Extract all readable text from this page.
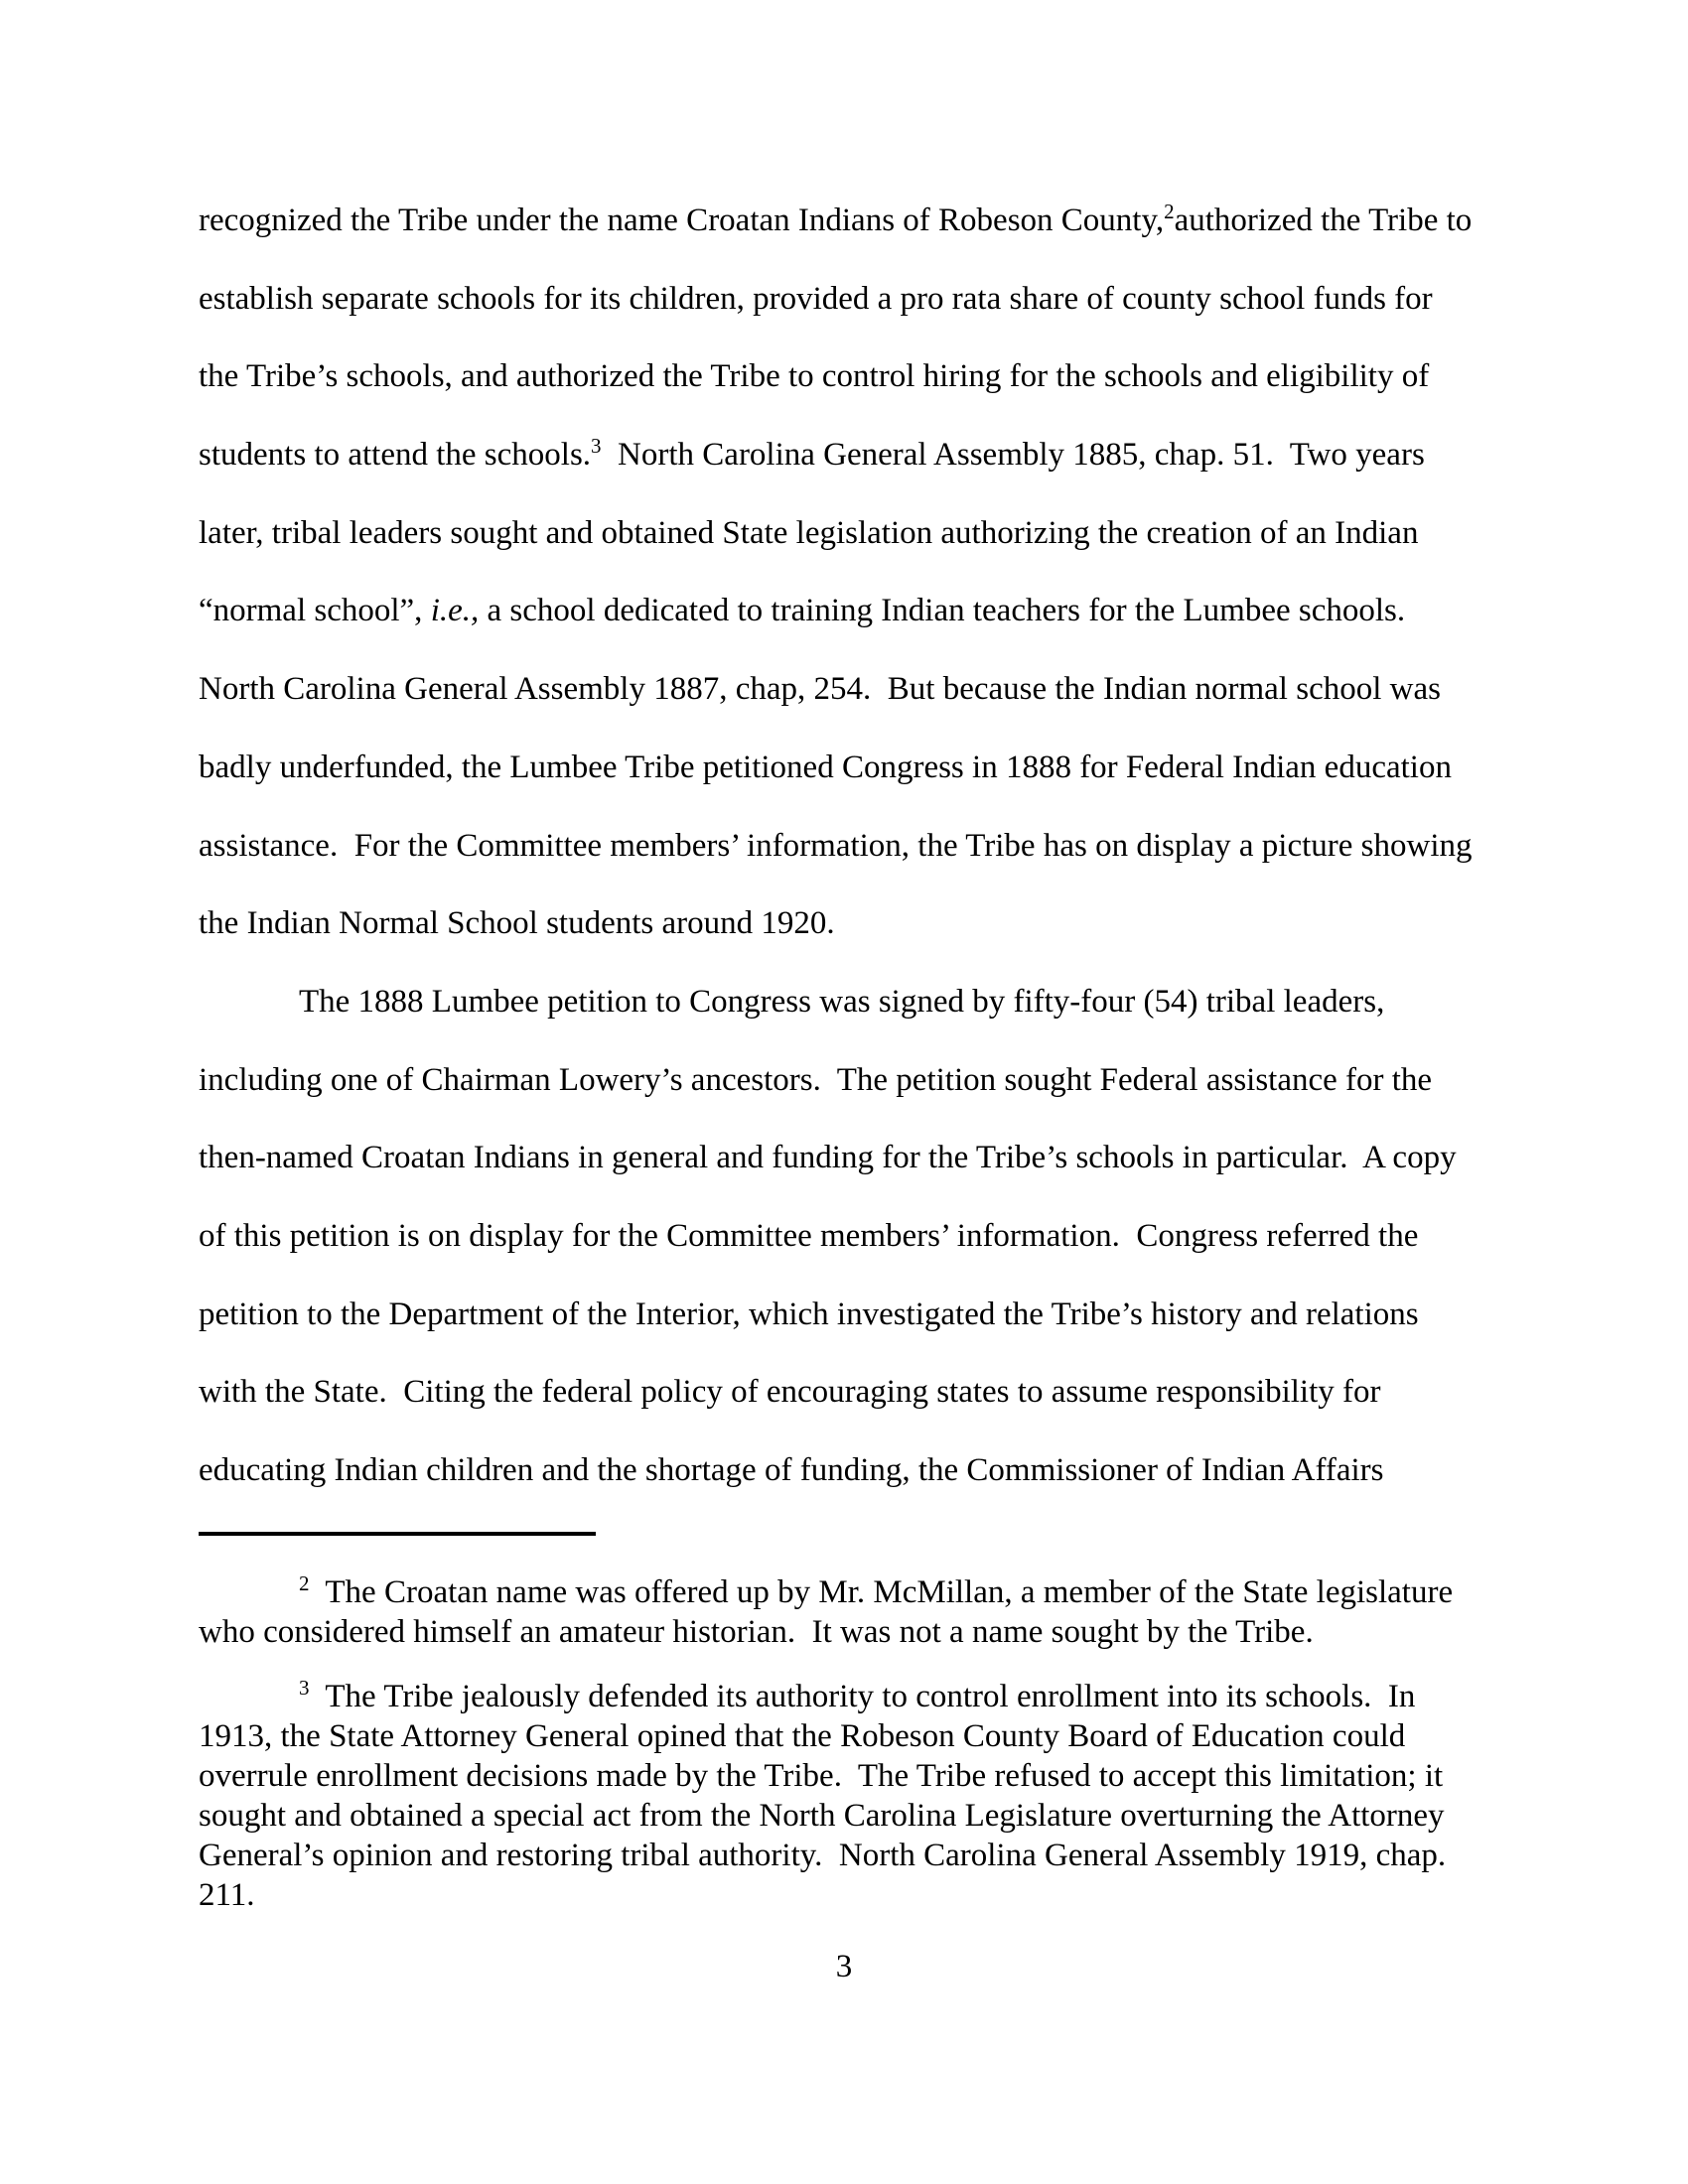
recognized the Tribe under the name Croatan Indians of Robeson County,$^2$authorized the Tribe to
establish separate schools for its children, provided a pro rata share of county school funds for
the Tribe’s schools, and authorized the Tribe to control hiring for the schools and eligibility of
students to attend the schools.$^3$  North Carolina General Assembly 1885, chap. 51.  Two years
later, tribal leaders sought and obtained State legislation authorizing the creation of an Indian
“normal school”, i.e., a school dedicated to training Indian teachers for the Lumbee schools.
North Carolina General Assembly 1887, chap, 254.  But because the Indian normal school was
badly underfunded, the Lumbee Tribe petitioned Congress in 1888 for Federal Indian education
assistance.  For the Committee members’ information, the Tribe has on display a picture showing
the Indian Normal School students around 1920.
The 1888 Lumbee petition to Congress was signed by fifty-four (54) tribal leaders,
including one of Chairman Lowery’s ancestors.  The petition sought Federal assistance for the
then-named Croatan Indians in general and funding for the Tribe’s schools in particular.  A copy
of this petition is on display for the Committee members’ information.  Congress referred the
petition to the Department of the Interior, which investigated the Tribe’s history and relations
with the State.  Citing the federal policy of encouraging states to assume responsibility for
educating Indian children and the shortage of funding, the Commissioner of Indian Affairs
$^2$  The Croatan name was offered up by Mr. McMillan, a member of the State legislature
who considered himself an amateur historian.  It was not a name sought by the Tribe.
$^3$  The Tribe jealously defended its authority to control enrollment into its schools.  In
1913, the State Attorney General opined that the Robeson County Board of Education could
overrule enrollment decisions made by the Tribe.  The Tribe refused to accept this limitation; it
sought and obtained a special act from the North Carolina Legislature overturning the Attorney
General’s opinion and restoring tribal authority.  North Carolina General Assembly 1919, chap.
211.
3
